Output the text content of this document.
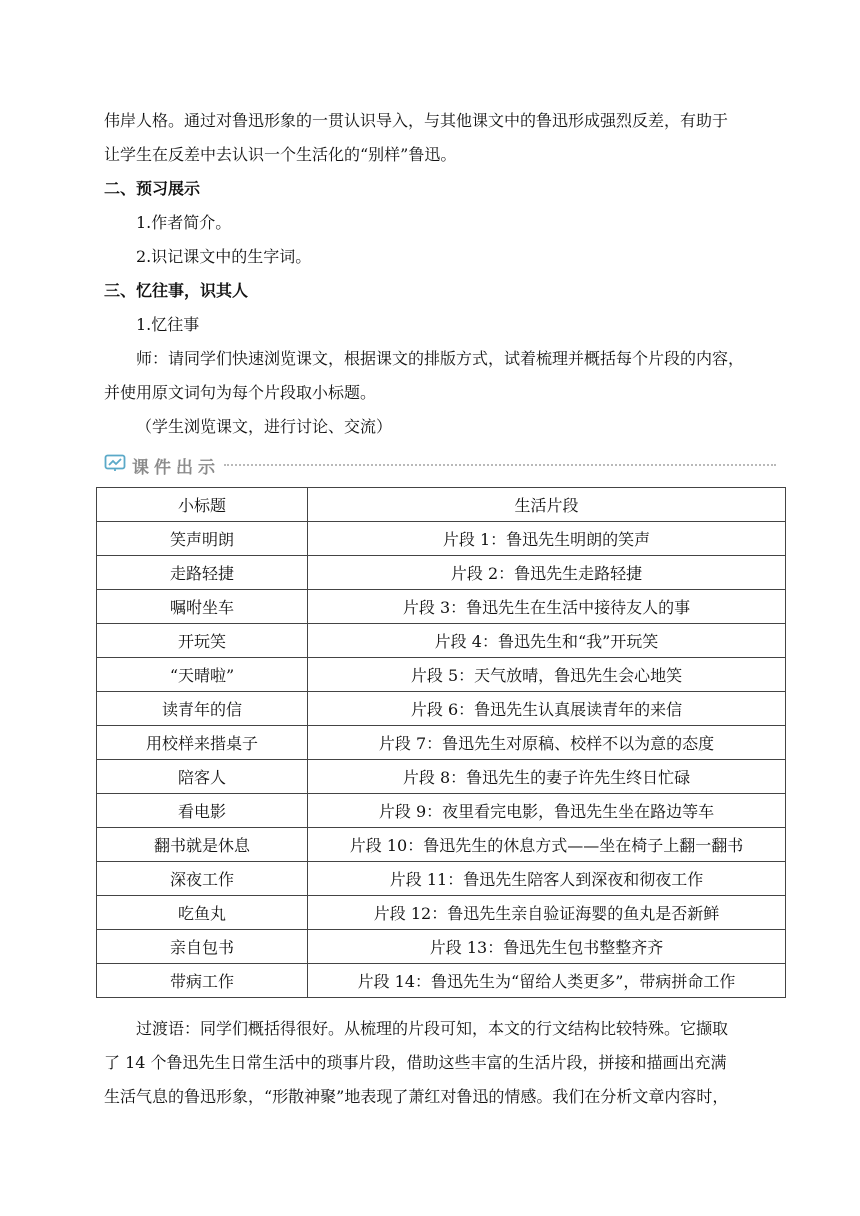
伟岸人格。通过对鲁迅形象的一贯认识导入，与其他课文中的鲁迅形成强烈反差，有助于

让学生在反差中去认识一个生活化的“别样”鲁迅。

二、预习展示

1.作者简介。

2.识记课文中的生字词。

三、忆往事，识其人

1.忆往事

师：请同学们快速浏览课文，根据课文的排版方式，试着梳理并概括每个片段的内容，

并使用原文词句为每个片段取小标题。

（学生浏览课文，进行讨论、交流）

课件出示
小标题	生活片段
笑声明朗	片段 1：鲁迅先生明朗的笑声
走路轻捷	片段 2：鲁迅先生走路轻捷
嘱咐坐车	片段 3：鲁迅先生在生活中接待友人的事
开玩笑	片段 4：鲁迅先生和“我”开玩笑
“天晴啦”	片段 5：天气放晴，鲁迅先生会心地笑
读青年的信	片段 6：鲁迅先生认真展读青年的来信
用校样来揩桌子	片段 7：鲁迅先生对原稿、校样不以为意的态度
陪客人	片段 8：鲁迅先生的妻子许先生终日忙碌
看电影	片段 9：夜里看完电影，鲁迅先生坐在路边等车
翻书就是休息	片段 10：鲁迅先生的休息方式——坐在椅子上翻一翻书
深夜工作	片段 11：鲁迅先生陪客人到深夜和彻夜工作
吃鱼丸	片段 12：鲁迅先生亲自验证海婴的鱼丸是否新鲜
亲自包书	片段 13：鲁迅先生包书整整齐齐
带病工作	片段 14：鲁迅先生为“留给人类更多”，带病拼命工作

过渡语：同学们概括得很好。从梳理的片段可知，本文的行文结构比较特殊。它撷取

了 14 个鲁迅先生日常生活中的琐事片段，借助这些丰富的生活片段，拼接和描画出充满

生活气息的鲁迅形象，“形散神聚”地表现了萧红对鲁迅的情感。我们在分析文章内容时，
